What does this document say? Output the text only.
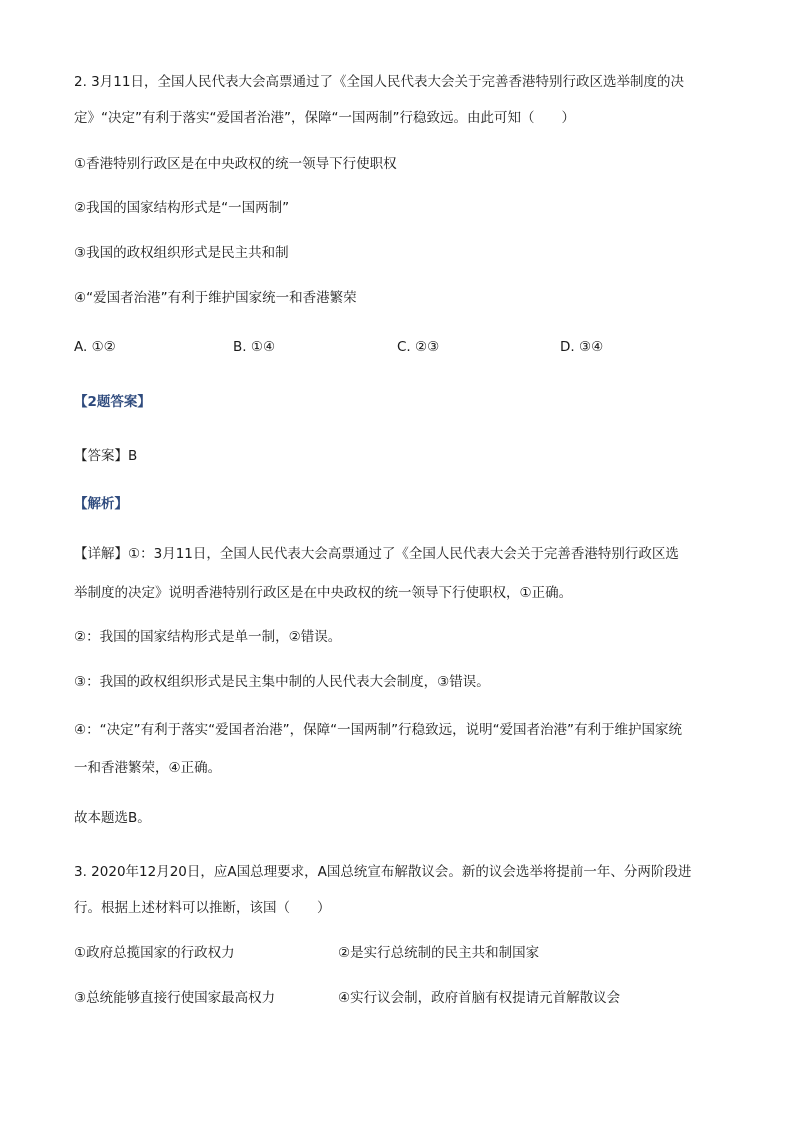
2. 3月11日，全国人民代表大会高票通过了《全国人民代表大会关于完善香港特别行政区选举制度的决
定》“决定”有利于落实“爱国者治港”，保障“一国两制”行稳致远。由此可知（　　）
①香港特别行政区是在中央政权的统一领导下行使职权
②我国的国家结构形式是“一国两制”
③我国的政权组织形式是民主共和制
④“爱国者治港”有利于维护国家统一和香港繁荣
A. ①②	B. ①④	C. ②③	D. ③④
【2题答案】
【答案】B
【解析】
【详解】①：3月11日，全国人民代表大会高票通过了《全国人民代表大会关于完善香港特别行政区选
举制度的决定》说明香港特别行政区是在中央政权的统一领导下行使职权，①正确。
②：我国的国家结构形式是单一制，②错误。
③：我国的政权组织形式是民主集中制的人民代表大会制度，③错误。
④：“决定”有利于落实“爱国者治港”，保障“一国两制”行稳致远，说明“爱国者治港”有利于维护国家统
一和香港繁荣，④正确。
故本题选B。
3. 2020年12月20日，应A国总理要求，A国总统宣布解散议会。新的议会选举将提前一年、分两阶段进
行。根据上述材料可以推断，该国（　　）
①政府总揽国家的行政权力	②是实行总统制的民主共和制国家
③总统能够直接行使国家最高权力	④实行议会制，政府首脑有权提请元首解散议会
